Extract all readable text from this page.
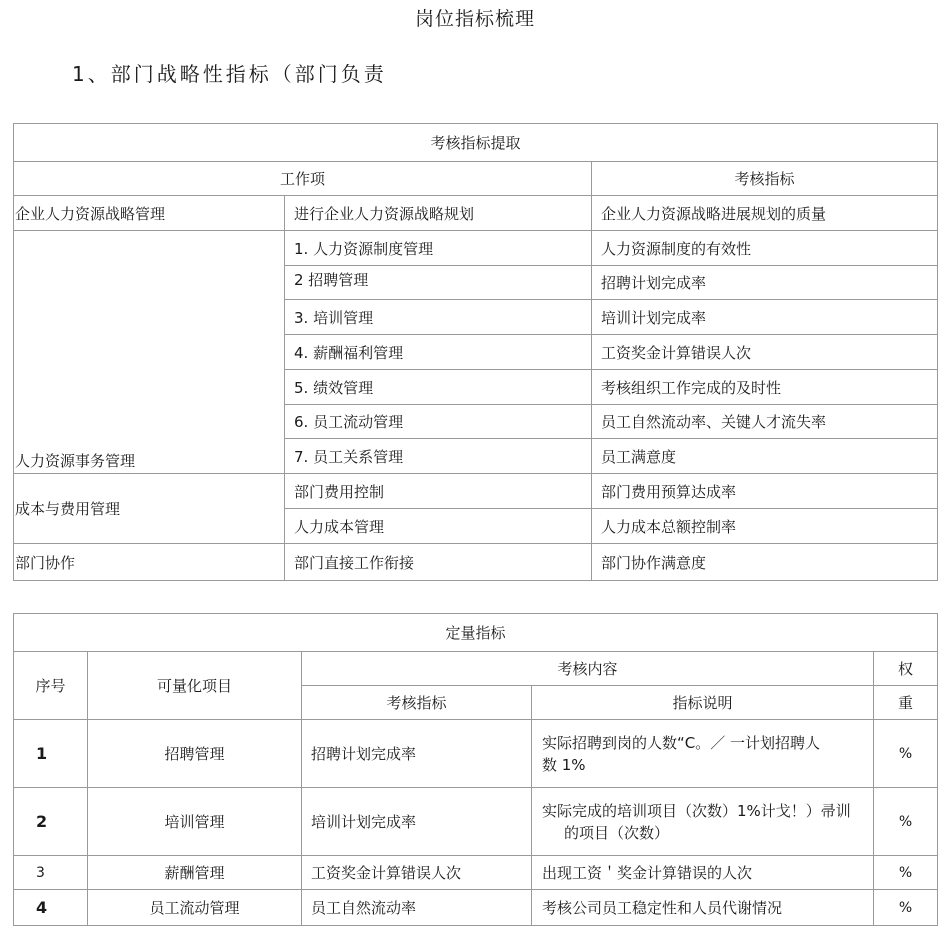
岗位指标梳理
1、部门战略性指标（部门负责
考核指标提取		
工作项		考核指标
企业人力资源战略管理	进行企业人力资源战略规划	企业人力资源战略进展规划的质量
人力资源事务管理	1. 人力资源制度管理	人力资源制度的有效性
	2 招聘管理	招聘计划完成率
	3. 培训管理	培训计划完成率
	4. 薪酬福利管理	工资奖金计算错误人次
	5. 绩效管理	考核组织工作完成的及时性
	6. 员工流动管理	员工自然流动率、关键人才流失率
	7. 员工关系管理	员工满意度
成本与费用管理	部门费用控制	部门费用预算达成率
	人力成本管理	人力成本总额控制率
部门协作	部门直接工作衔接	部门协作满意度
定量指标				
序号	可量化项目	考核内容		权
		考核指标	指标说明	重
1	招聘管理	招聘计划完成率	实际招聘到岗的人数“C。／ 一计划招聘人
数 1%	%
2	培训管理	培训计划完成率	实际完成的培训项目（次数）1%计戈！）帚训
的项目（次数）	%
3	薪酬管理	工资奖金计算错误人次	出现工资＇奖金计算错误的人次	%
4	员工流动管理	员工自然流动率	考核公司员工稳定性和人员代谢情况	%
